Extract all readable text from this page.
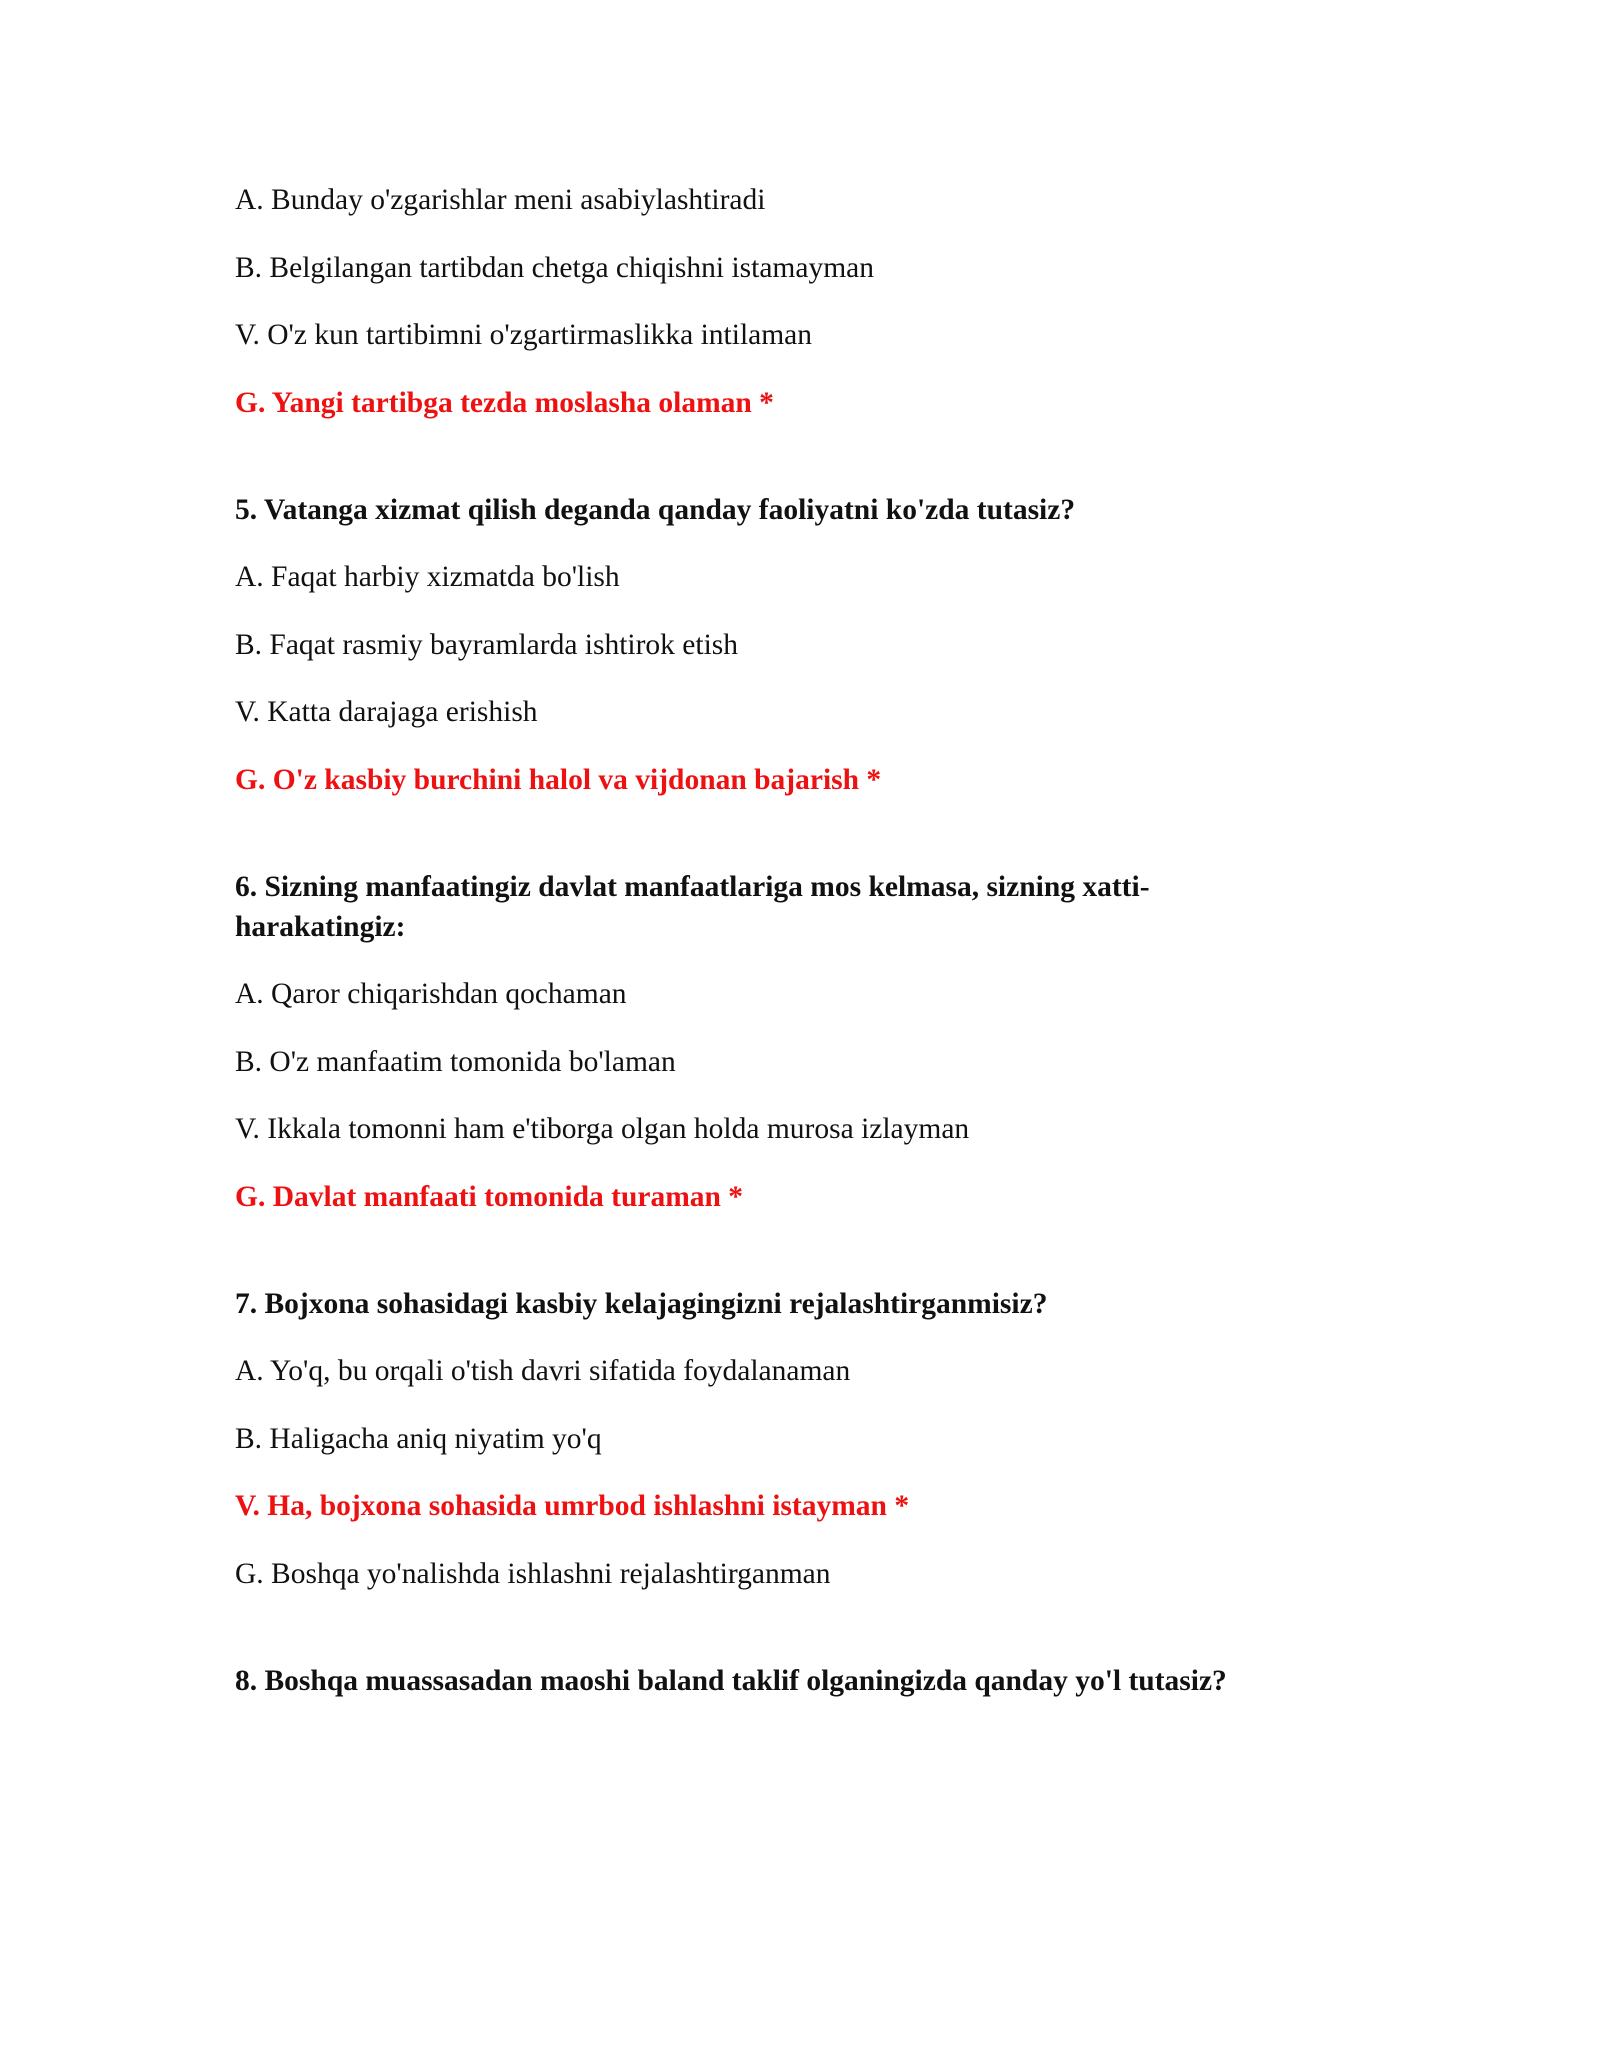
A. Bunday o'zgarishlar meni asabiylashtiradi

B. Belgilangan tartibdan chetga chiqishni istamayman

V. O'z kun tartibimni o'zgartirmaslikka intilaman

G. Yangi tartibga tezda moslasha olaman *

5. Vatanga xizmat qilish deganda qanday faoliyatni ko'zda tutasiz?

A. Faqat harbiy xizmatda bo'lish

B. Faqat rasmiy bayramlarda ishtirok etish

V. Katta darajaga erishish

G. O'z kasbiy burchini halol va vijdonan bajarish *

6. Sizning manfaatingiz davlat manfaatlariga mos kelmasa, sizning xatti-harakatingiz:

A. Qaror chiqarishdan qochaman

B. O'z manfaatim tomonida bo'laman

V. Ikkala tomonni ham e'tiborga olgan holda murosa izlayman

G. Davlat manfaati tomonida turaman *

7. Bojxona sohasidagi kasbiy kelajagingizni rejalashtirganmisiz?

A. Yo'q, bu orqali o'tish davri sifatida foydalanaman

B. Haligacha aniq niyatim yo'q

V. Ha, bojxona sohasida umrbod ishlashni istayman *

G. Boshqa yo'nalishda ishlashni rejalashtirganman

8. Boshqa muassasadan maoshi baland taklif olganingizda qanday yo'l tutasiz?
